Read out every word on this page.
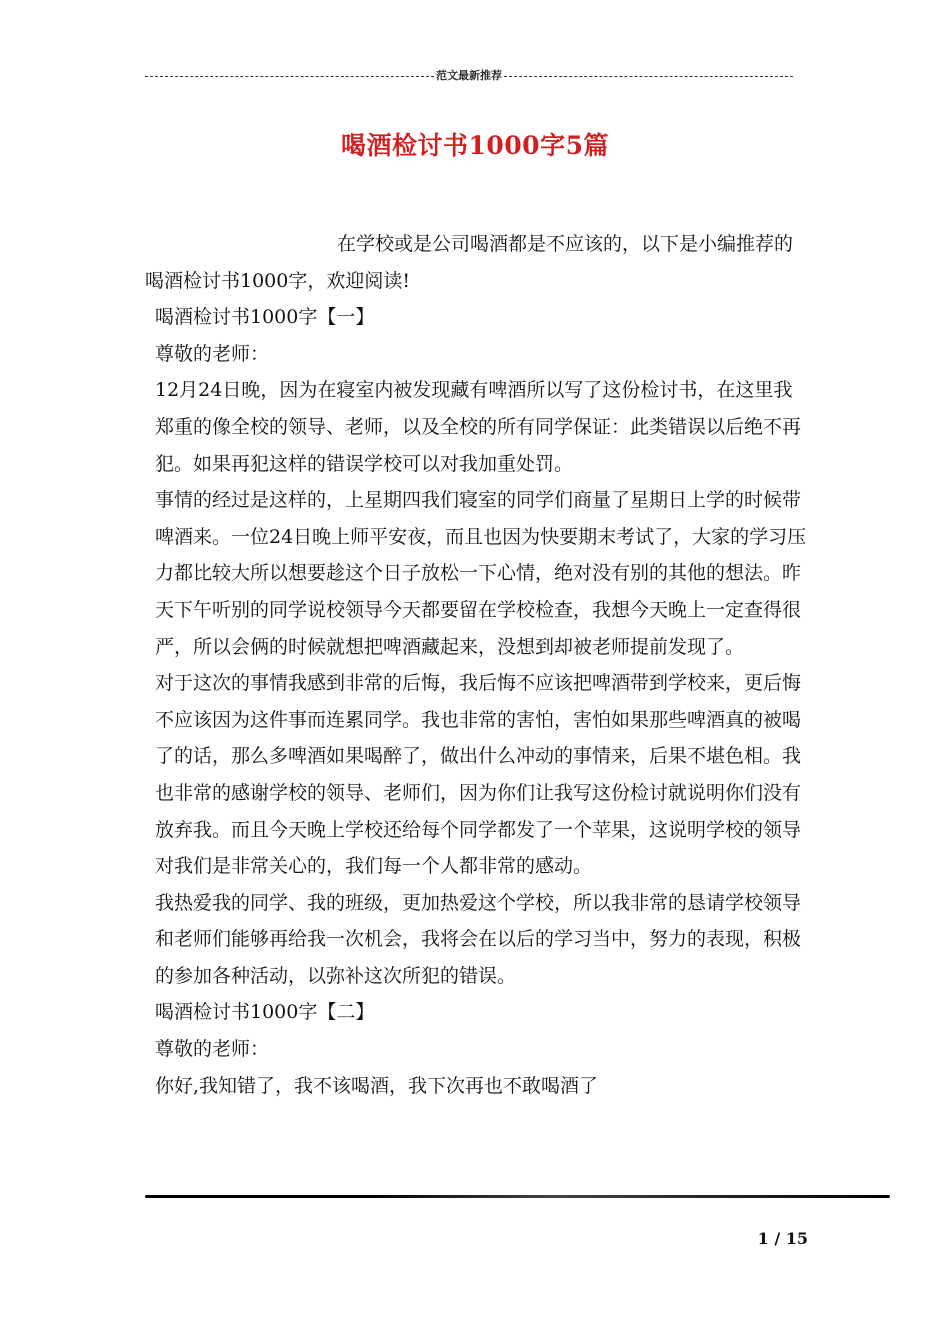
范文最新推荐
喝酒检讨书1000字5篇

在学校或是公司喝酒都是不应该的，以下是小编推荐的喝酒检讨书1000字，欢迎阅读!

喝酒检讨书1000字【一】

尊敬的老师：

12月24日晚，因为在寝室内被发现藏有啤酒所以写了这份检讨书，在这里我郑重的像全校的领导、老师，以及全校的所有同学保证：此类错误以后绝不再犯。如果再犯这样的错误学校可以对我加重处罚。

事情的经过是这样的，上星期四我们寝室的同学们商量了星期日上学的时候带啤酒来。一位24日晚上师平安夜，而且也因为快要期末考试了，大家的学习压力都比较大所以想要趁这个日子放松一下心情，绝对没有别的其他的想法。昨天下午听别的同学说校领导今天都要留在学校检查，我想今天晚上一定查得很严，所以会俩的时候就想把啤酒藏起来，没想到却被老师提前发现了。

对于这次的事情我感到非常的后悔，我后悔不应该把啤酒带到学校来，更后悔不应该因为这件事而连累同学。我也非常的害怕，害怕如果那些啤酒真的被喝了的话，那么多啤酒如果喝醉了，做出什么冲动的事情来，后果不堪色相。我也非常的感谢学校的领导、老师们，因为你们让我写这份检讨就说明你们没有放弃我。而且今天晚上学校还给每个同学都发了一个苹果，这说明学校的领导对我们是非常关心的，我们每一个人都非常的感动。

我热爱我的同学、我的班级，更加热爱这个学校，所以我非常的恳请学校领导和老师们能够再给我一次机会，我将会在以后的学习当中，努力的表现，积极的参加各种活动，以弥补这次所犯的错误。

喝酒检讨书1000字【二】

尊敬的老师：

你好,我知错了，我不该喝酒，我下次再也不敢喝酒了

1 / 15
